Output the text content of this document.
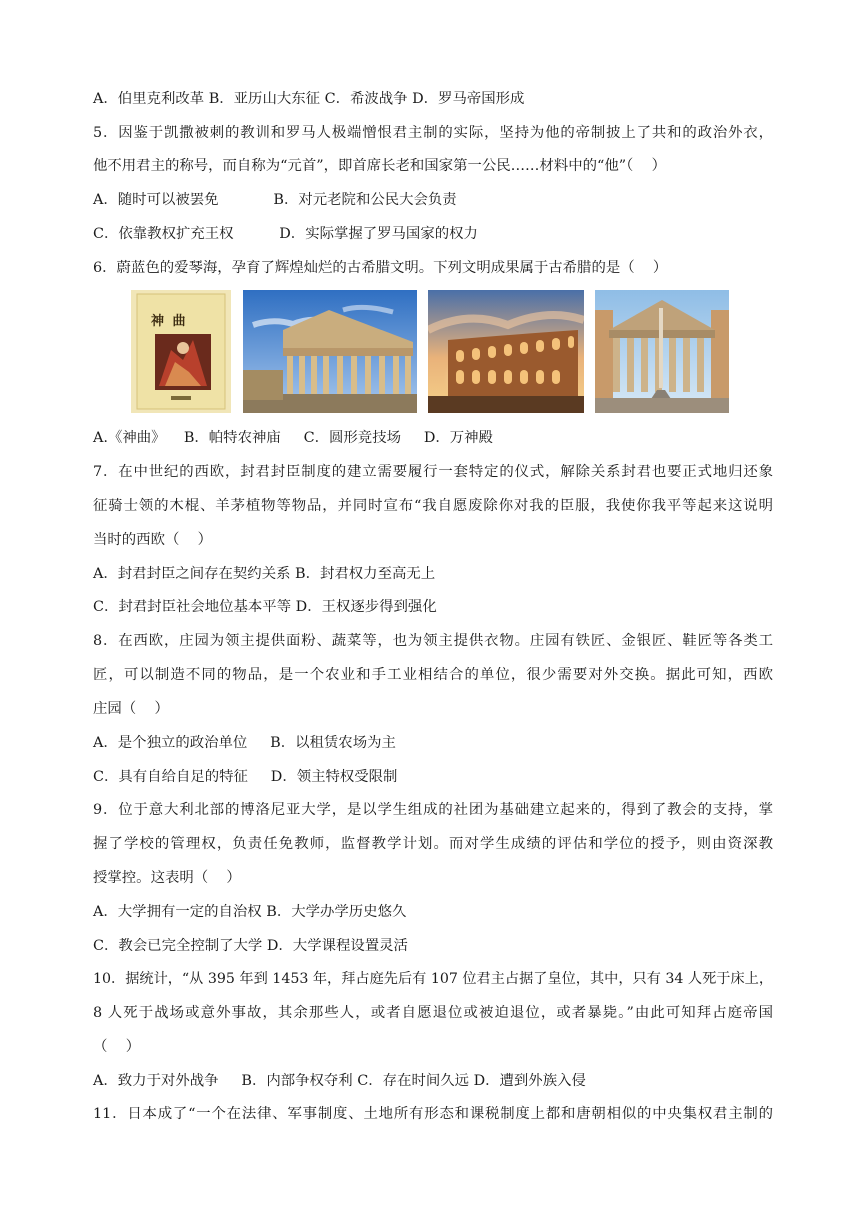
A．伯里克利改革 B．亚历山大东征 C．希波战争 D．罗马帝国形成
5．因鉴于凯撒被刺的教训和罗马人极端憎恨君主制的实际，坚持为他的帝制披上了共和的政治外衣，
他不用君主的称号，而自称为“元首”，即首席长老和国家第一公民……材料中的“他”（    ）
A．随时可以被罢免            B．对元老院和公民大会负责
C．依靠教权扩充王权          D．实际掌握了罗马国家的权力
6．蔚蓝色的爱琴海，孕育了辉煌灿烂的古希腊文明。下列文明成果属于古希腊的是（    ）
神 曲
A.《神曲》    B．帕特农神庙     C．圆形竞技场     D．万神殿
7．在中世纪的西欧，封君封臣制度的建立需要履行一套特定的仪式，解除关系封君也要正式地归还象
征骑士领的木棍、羊茅植物等物品，并同时宣布“我自愿废除你对我的臣服，我使你我平等起来这说明
当时的西欧（    ）
A．封君封臣之间存在契约关系 B．封君权力至高无上
C．封君封臣社会地位基本平等 D．王权逐步得到强化
8．在西欧，庄园为领主提供面粉、蔬菜等，也为领主提供衣物。庄园有铁匠、金银匠、鞋匠等各类工
匠，可以制造不同的物品，是一个农业和手工业相结合的单位，很少需要对外交换。据此可知，西欧
庄园（    ）
A．是个独立的政治单位     B．以租赁农场为主
C．具有自给自足的特征     D．领主特权受限制
9．位于意大利北部的博洛尼亚大学，是以学生组成的社团为基础建立起来的，得到了教会的支持，掌
握了学校的管理权，负责任免教师，监督教学计划。而对学生成绩的评估和学位的授予，则由资深教
授掌控。这表明（    ）
A．大学拥有一定的自治权 B．大学办学历史悠久
C．教会已完全控制了大学 D．大学课程设置灵活
10．据统计，“从 395 年到 1453 年，拜占庭先后有 107 位君主占据了皇位，其中，只有 34 人死于床上，
8 人死于战场或意外事故，其余那些人，或者自愿退位或被迫退位，或者暴毙。”由此可知拜占庭帝国
（    ）
A．致力于对外战争     B．内部争权夺利 C．存在时间久远 D．遭到外族入侵
11．日本成了“一个在法律、军事制度、土地所有形态和课税制度上都和唐朝相似的中央集权君主制的
